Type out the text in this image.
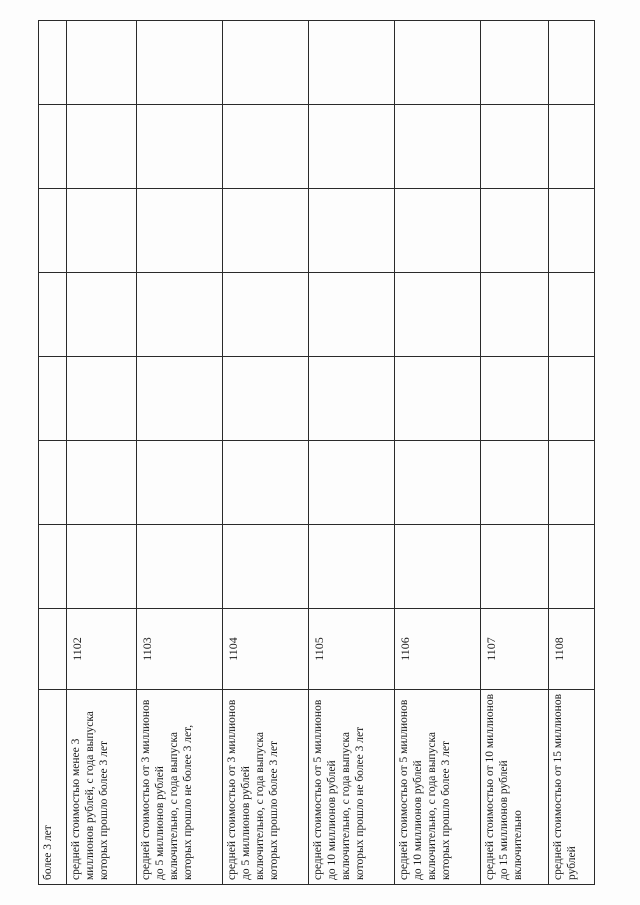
более 3 лет								
средней стоимостью менее 3 миллионов рублей, с года выпуска которых прошло более 3 лет	1102							
средней стоимостью от 3 миллионов до 5 миллионов рублей включительно, с года выпуска которых прошло не более 3 лет,	1103							
средней стоимостью от 3 миллионов до 5 миллионов рублей включительно, с года выпуска которых прошло более 3 лет	1104							
средней стоимостью от 5 миллионов до 10 миллионов рублей включительно, с года выпуска которых прошло не более 3 лет	1105							
средней стоимостью от 5 миллионов до 10 миллионов рублей включительно, с года выпуска которых прошло более 3 лет	1106							
средней стоимостью от 10 миллионов до 15 миллионов рублей включительно	1107							
средней стоимостью от 15 миллионов рублей	1108							
